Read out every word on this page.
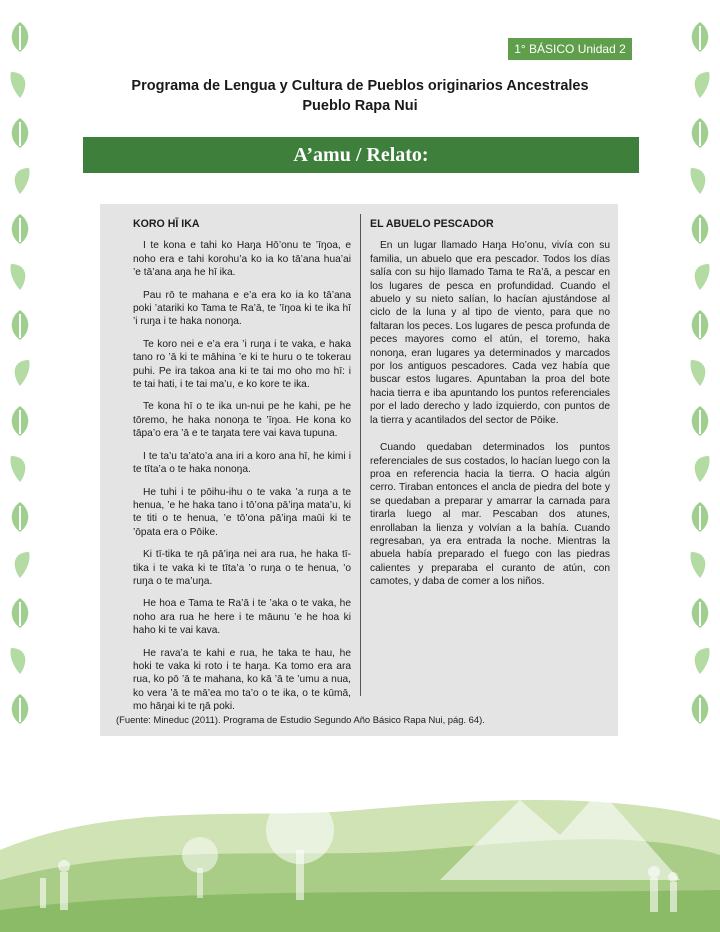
1° BÁSICO Unidad 2
Programa de Lengua y Cultura de Pueblos originarios Ancestrales
Pueblo Rapa Nui
A’amu / Relato:
KORO HĪ IKA

I te kona e tahi ko Haŋa Hō’onu te ’īŋoa, e noho era e tahi korohu’a ko ia ko tā’ana hua’ai ’e tā’ana aŋa he hī ika.

Pau rō te mahana e e’a era ko ia ko tā’ana poki ’atariki ko Tama te Ra’ā, te ’īŋoa ki te ika hī ’i ruŋa i te haka nonoŋa.

Te koro nei e e’a era ’i ruŋa i te vaka, e haka tano ro ’ā ki te māhina ’e ki te huru o te tokerau puhi. Pe ira takoa ana ki te tai mo oho mo hī: i te tai hati, i te tai ma’u, e ko kore te ika.

Te kona hī o te ika un-nui pe he kahi, pe he tōremo, he haka nonoŋa te ’īŋoa. He kona ko tāpa’o era ’ā e te taŋata tere vai kava tupuna.

I te ta’u ta’ato’a ana iri a koro ana hī, he kimi i te tīta’a o te haka nonoŋa.

He tuhi i te pōihu-ihu o te vaka ’a ruŋa a te henua, ’e he haka tano i tō’ona pā’iŋa mata’u, ki te titi o te henua, ’e tō’ona pā’iŋa maūi ki te ’ōpata era o Pōike.

Ki tī-tika te ŋā pā’iŋa nei ara rua, he haka tī- tika i te vaka ki te tīta’a ’o ruŋa o te henua, ’o ruŋa o te ma’uŋa.

He hoa e Tama te Ra’ā i te ’aka o te vaka, he noho ara rua he here i te māunu ’e he hoa ki haho ki te vai kava.

He rava’a te kahi e rua, he taka te hau, he hoki te vaka ki roto i te haŋa. Ka tomo era ara rua, ko pō ’ā te mahana, ko kā ’ā te ’umu a nua, ko vera ’ā te mā’ea mo ta’o o te ika, o te kūmā, mo hāŋai ki te ŋā poki.

EL ABUELO PESCADOR

En un lugar llamado Haŋa Ho’onu, vivía con su familia, un abuelo que era pescador. Todos los días salía con su hijo llamado Tama te Ra’ā, a pescar en los lugares de pesca en profundidad. Cuando el abuelo y su nieto salían, lo hacían ajustándose al ciclo de la luna y al tipo de viento, para que no faltaran los peces. Los lugares de pesca profunda de peces mayores como el atún, el toremo, haka nonoŋa, eran lugares ya determinados y marcados por los antiguos pescadores. Cada vez había que buscar estos lugares. Apuntaban la proa del bote hacia tierra e iba apuntando los puntos referenciales por el lado derecho y lado izquierdo, con puntos de la tierra y acantilados del sector de Pōike.

Cuando quedaban determinados los puntos referenciales de sus costados, lo hacían luego con la proa en referencia hacia la tierra. O hacia algún cerro. Tiraban entonces el ancla de piedra del bote y se quedaban a preparar y amarrar la carnada para tirarla luego al mar. Pescaban dos atunes, enrollaban la lienza y volvían a la bahía. Cuando regresaban, ya era entrada la noche. Mientras la abuela había preparado el fuego con las piedras calientes y preparaba el curanto de atún, con camotes, y daba de comer a los niños.

(Fuente: Mineduc (2011). Programa de Estudio Segundo Año Básico Rapa Nui, pág. 64).
